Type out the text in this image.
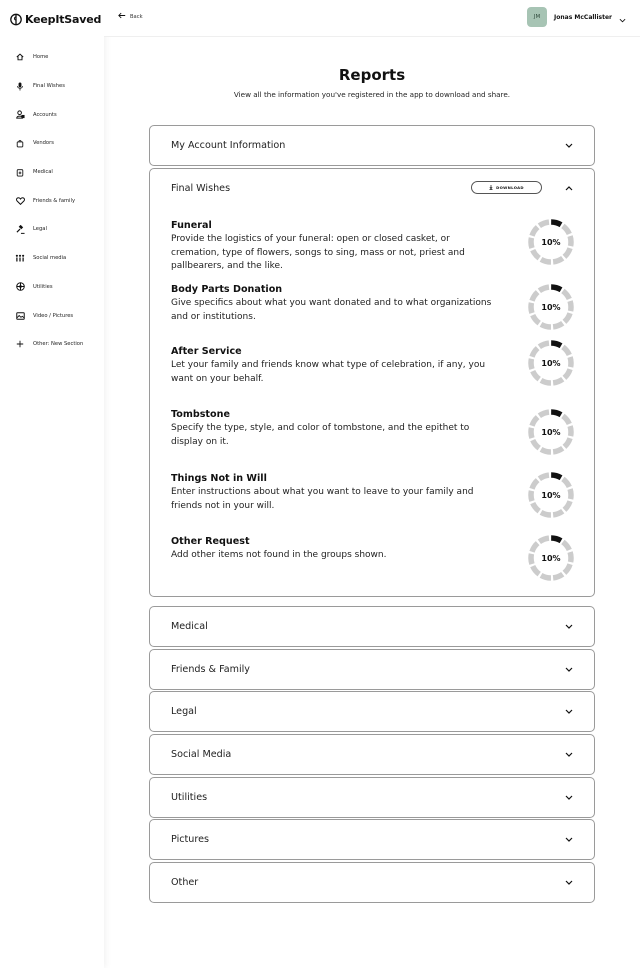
KeepItSaved
Home
Final Wishes
Accounts
Vendors
Medical
Friends & family
Legal
Social media
Utilities
Video / Pictures
Other: New Section
Back	JM	Jonas McCallister
Reports
View all the information you've registered in the app to download and share.
My Account Information
Final Wishes	DOWNLOAD
Funeral
Provide the logistics of your funeral: open or closed casket, or cremation, type of flowers, songs to sing, mass or not, priest and pallbearers, and the like.
Body Parts Donation
Give specifics about what you want donated and to what organizations and or institutions.
After Service
Let your family and friends know what type of celebration, if any, you want on your behalf.
Tombstone
Specify the type, style, and color of tombstone, and the epithet to display on it.
Things Not in Will
Enter instructions about what you want to leave to your family and friends not in your will.
Other Request
Add other items not found in the groups shown.
10%
10%
10%
10%
10%
10%
Medical
Friends & Family
Legal
Social Media
Utilities
Pictures
Other
